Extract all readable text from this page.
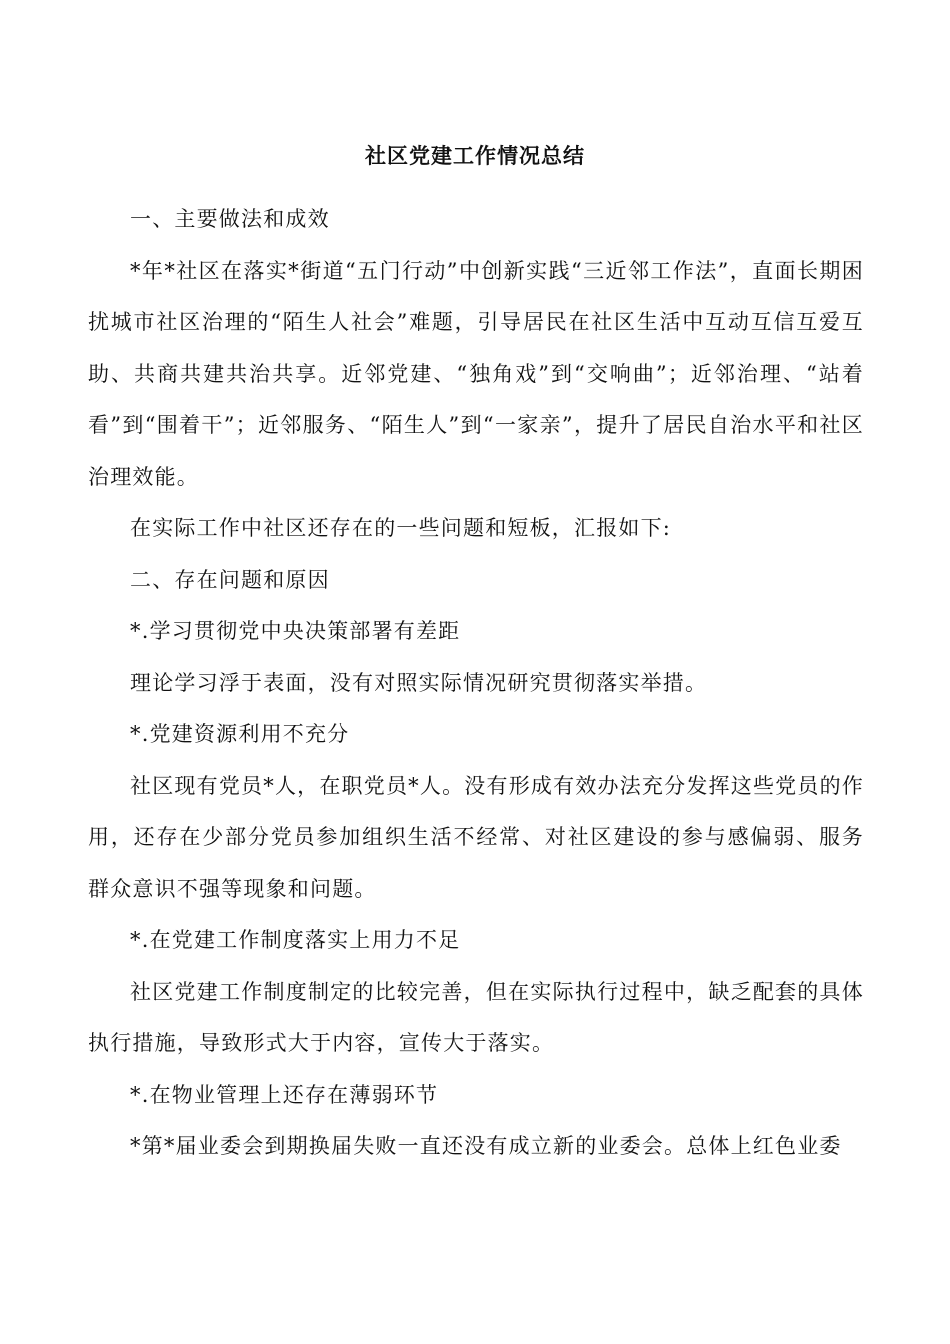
社区党建工作情况总结

一、主要做法和成效

*年*社区在落实*街道“五门行动”中创新实践“三近邻工作法”，直面长期困扰城市社区治理的“陌生人社会”难题，引导居民在社区生活中互动互信互爱互助、共商共建共治共享。近邻党建、“独角戏”到“交响曲”；近邻治理、“站着看”到“围着干”；近邻服务、“陌生人”到“一家亲”，提升了居民自治水平和社区治理效能。

在实际工作中社区还存在的一些问题和短板，汇报如下:

二、存在问题和原因

*.学习贯彻党中央决策部署有差距

理论学习浮于表面，没有对照实际情况研究贯彻落实举措。

*.党建资源利用不充分

社区现有党员*人，在职党员*人。没有形成有效办法充分发挥这些党员的作用，还存在少部分党员参加组织生活不经常、对社区建设的参与感偏弱、服务群众意识不强等现象和问题。

*.在党建工作制度落实上用力不足

社区党建工作制度制定的比较完善，但在实际执行过程中，缺乏配套的具体执行措施，导致形式大于内容，宣传大于落实。

*.在物业管理上还存在薄弱环节

*第*届业委会到期换届失败一直还没有成立新的业委会。总体上红色业委
